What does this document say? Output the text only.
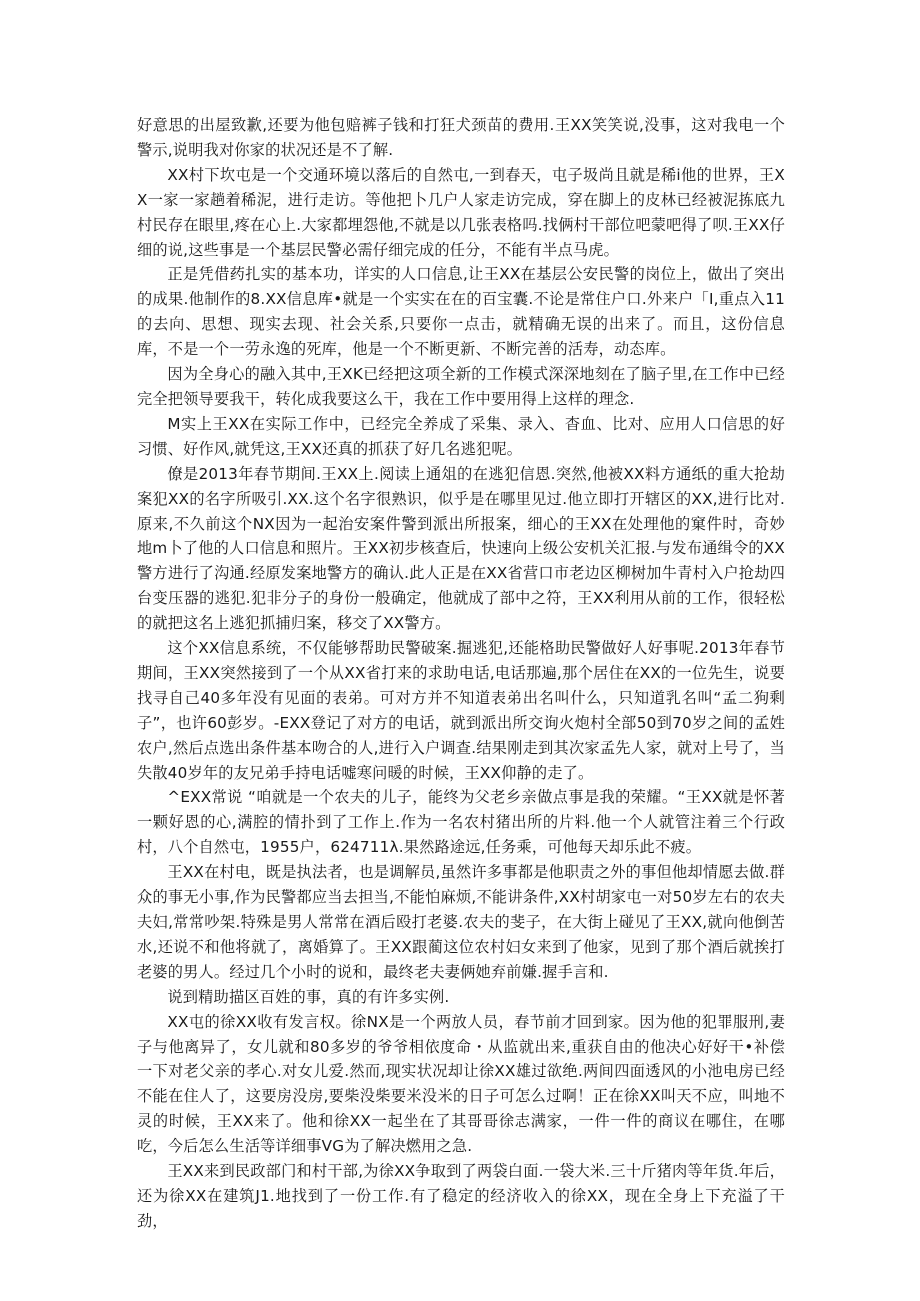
好意思的出屋致歉,还要为他包赔裤子钱和打狂犬颈苗的费用.王XX笑笑说,没事，这对我电一个警示,说明我对你家的状况还是不了解.

XX村下坎屯是一个交通环境以落后的自然屯,一到春天，屯子圾尚且就是稀i他的世界，王XX一家一家趟着稀泥，进行走访。等他把卜几户人家走访完成，穿在脚上的皮林已经被泥拣底九村民存在眼里,疼在心上.大家都埋怨他,不就是以几张表格吗.找俩村干部位吧蒙吧得了呗.王XX仔细的说,这些事是一个基层民警必需仔细完成的任分，不能有半点马虎。

正是凭借药扎实的基本功，详实的人口信息,让王XX在基层公安民警的岗位上，做出了突出的成果.他制作的8.XX信息库•就是一个实实在在的百宝囊.不论是常住户口.外来户「I,重点入11的去向、思想、现实去现、社会关系,只要你一点击，就精确无误的出来了。而且，这份信息库，不是一个一劳永逸的死库，他是一个不断更新、不断完善的活寿，动态库。

因为全身心的融入其中,王XK已经把这项全新的工作模式深深地刻在了脑子里,在工作中已经完全把领导要我干，转化成我要这么干，我在工作中要用得上这样的理念.

M实上王XX在实际工作中，已经完全养成了采集、录入、杳血、比对、应用人口信思的好习惯、好作风,就凭这,王XX还真的抓获了好几名逃犯呢。

僚是2013年春节期间.王XX上.阅读上通俎的在逃犯信恩.突然,他被XX料方通纸的重大抢劫案犯XX的名字所吸引.XX.这个名字很熟识，似乎是在哪里见过.他立即打开辖区的XX,进行比对.原来,不久前这个NX因为一起治安案件警到派出所报案，细心的王XX在处理他的窠件时，奇妙地m卜了他的人口信息和照片。王XX初步核查后，快速向上级公安机关汇报.与发布通缉令的XX警方进行了沟通.经原发案地警方的确认.此人正是在XX省营口市老边区柳树加牛青村入户抢劫四台变压器的逃犯.犯非分子的身份一般确定，他就成了部中之符，王XX利用从前的工作，很轻松的就把这名上逃犯抓捕归案，移交了XX警方。

这个XX信息系统，不仅能够帮助民警破案.掘逃犯,还能格助民警做好人好事呢.2013年春节期间，王XX突然接到了一个从XX省打来的求助电话,电话那遍,那个居住在XX的一位先生，说要找寻自己40多年没有见面的表弟。可对方并不知道表弟出名叫什么，只知道乳名叫“孟二狗剩子”，也许60彭岁。-EXX登记了对方的电话，就到派出所交询火炮村全部50到70岁之间的孟姓农户,然后点选出条件基本吻合的人,进行入户调查.结果刚走到其次家孟先人家，就对上号了，当失散40岁年的友兄弟手持电话嘘寒问暖的时候，王XX仰静的走了。

^EXX常说 “咱就是一个农夫的儿子，能终为父老乡亲做点事是我的荣耀。“王XX就是怀著一颗好恩的心,满腔的情扑到了工作上.作为一名农村猪出所的片料.他一个人就管注着三个行政村，八个自然屯，1955户，624711λ.果然路途远,任务乘，可他每天却乐此不疲。

王XX在村电，既是执法者，也是调解员,虽然许多事都是他职责之外的事但他却情愿去做.群众的事无小事,作为民警都应当去担当,不能怕麻烦,不能讲条件,XX村胡家屯一对50岁左右的农夫夫妇,常常吵架.特殊是男人常常在酒后殴打老婆.农夫的斐子，在大街上碰见了王XX,就向他倒苦水,还说不和他将就了，离婚算了。王XX跟蔺这位农村妇女来到了他家，见到了那个酒后就挨打老婆的男人。经过几个小时的说和，最终老夫妻俩她弃前嫌.握手言和.

说到精助描区百姓的事，真的有许多实例.

XX屯的徐XX收有发言权。徐NX是一个两放人员，春节前才回到家。因为他的犯罪服刑,妻子与他离异了，女儿就和80多岁的爷爷相依度命・从监就出来,重获自由的他决心好好干•补偿一下对老父亲的孝心.对女儿爱.然而,现实状况却让徐XX雄过欲绝.两间四面透风的小池电房已经不能在住人了，这要房没房,要柴没柴要米没米的日子可怎么过啊！正在徐XX叫天不应，叫地不灵的时候，王XX来了。他和徐XX一起坐在了其哥哥徐志满家，一件一件的商议在哪住，在哪吃，今后怎么生活等详细事VG为了解决燃用之急.

王XX来到民政部门和村干部,为徐XX争取到了两袋白面.一袋大米.三十斤猪肉等年货.年后，还为徐XX在建筑J1.地找到了一份工作.有了稳定的经济收入的徐XX，现在全身上下充溢了干劲，
